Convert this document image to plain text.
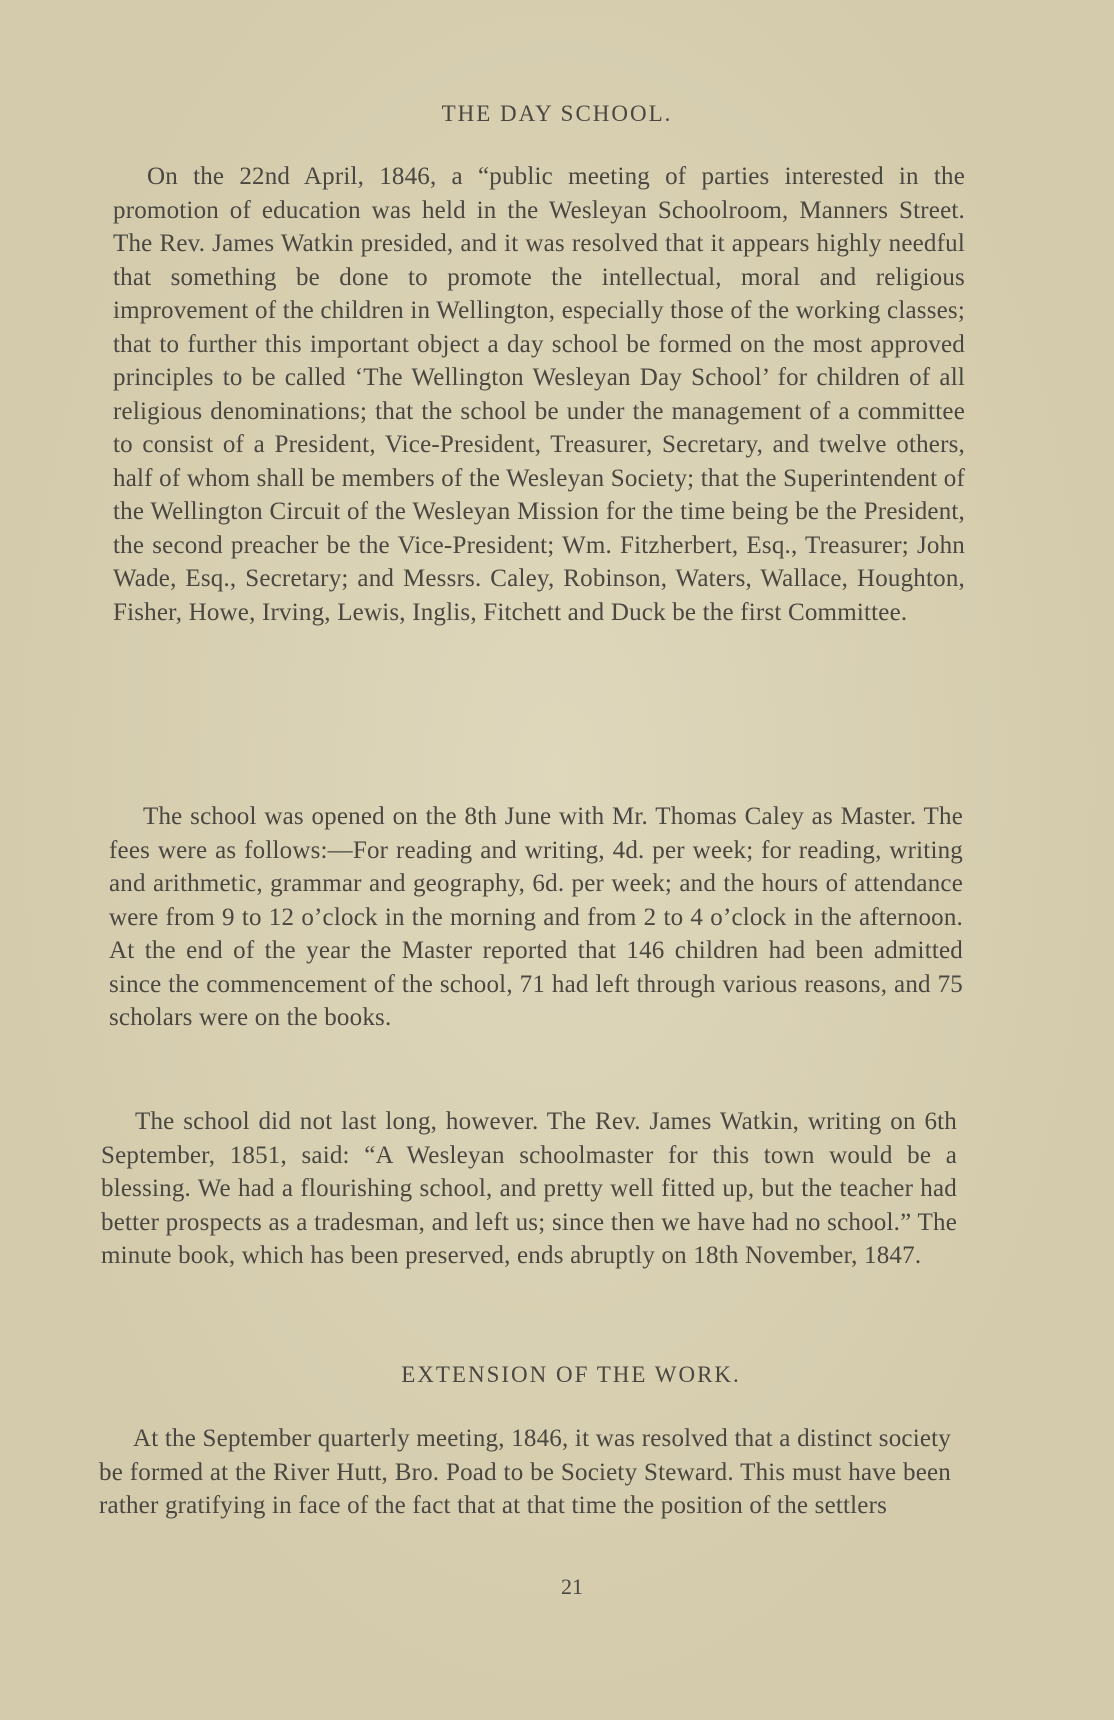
THE DAY SCHOOL.

On the 22nd April, 1846, a “public meeting of parties interested in the promotion of education was held in the Wesleyan Schoolroom, Manners Street. The Rev. James Watkin presided, and it was resolved that it appears highly needful that something be done to promote the intellectual, moral and religious improvement of the children in Wellington, especially those of the working classes; that to further this important object a day school be formed on the most approved principles to be called ‘The Wellington Wesleyan Day School’ for children of all religious denominations; that the school be under the management of a committee to consist of a President, Vice-President, Treasurer, Secretary, and twelve others, half of whom shall be members of the Wesleyan Society; that the Superintendent of the Wellington Circuit of the Wesleyan Mission for the time being be the President, the second preacher be the Vice-President; Wm. Fitzherbert, Esq., Treasurer; John Wade, Esq., Secretary; and Messrs. Caley, Robinson, Waters, Wallace, Houghton, Fisher, Howe, Irving, Lewis, Inglis, Fitchett and Duck be the first Committee.

The school was opened on the 8th June with Mr. Thomas Caley as Master. The fees were as follows:—For reading and writing, 4d. per week; for reading, writing and arithmetic, grammar and geography, 6d. per week; and the hours of attendance were from 9 to 12 o’clock in the morning and from 2 to 4 o’clock in the afternoon. At the end of the year the Master reported that 146 children had been admitted since the commencement of the school, 71 had left through various reasons, and 75 scholars were on the books.

The school did not last long, however. The Rev. James Watkin, writing on 6th September, 1851, said: “A Wesleyan schoolmaster for this town would be a blessing. We had a flourishing school, and pretty well fitted up, but the teacher had better prospects as a tradesman, and left us; since then we have had no school.” The minute book, which has been preserved, ends abruptly on 18th November, 1847.

EXTENSION OF THE WORK.

At the September quarterly meeting, 1846, it was resolved that a distinct society be formed at the River Hutt, Bro. Poad to be Society Steward. This must have been rather gratifying in face of the fact that at that time the position of the settlers

21
